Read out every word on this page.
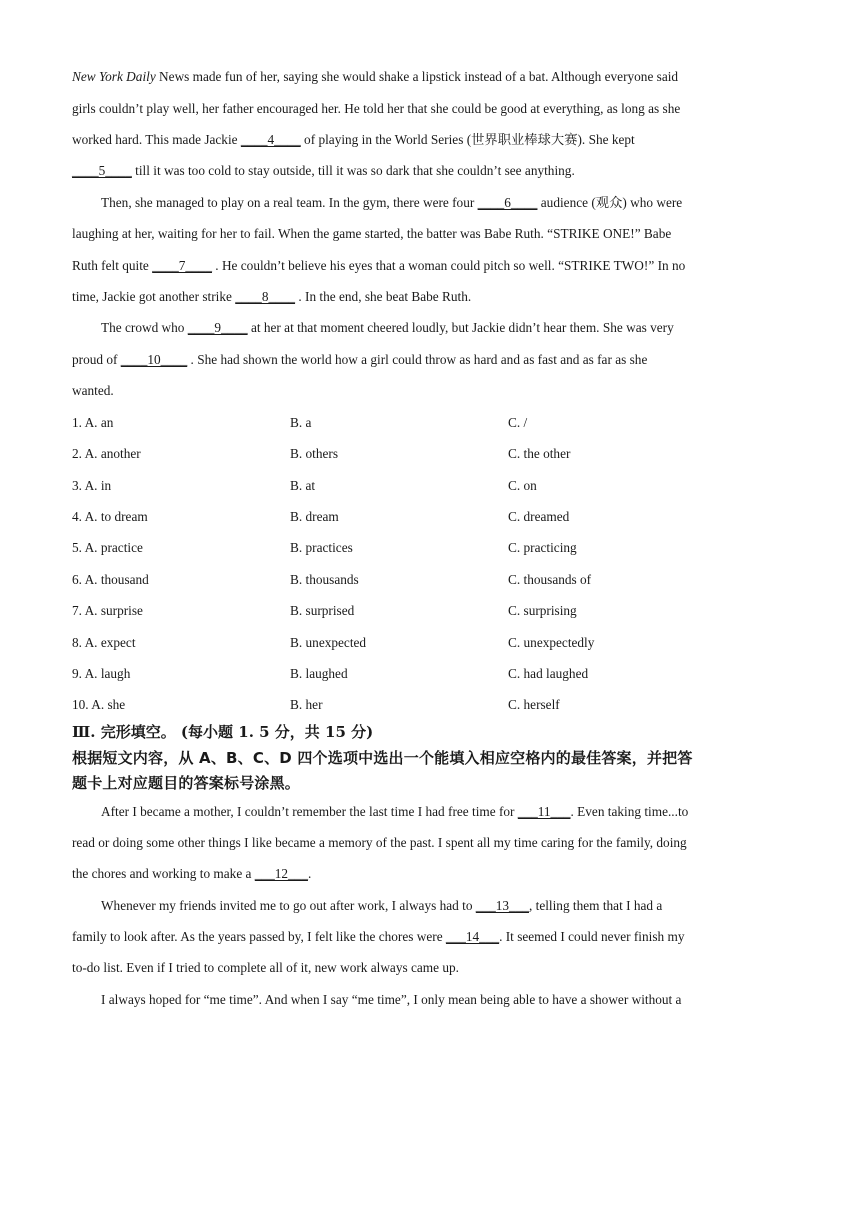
New York Daily News made fun of her, saying she would shake a lipstick instead of a bat. Although everyone said
girls couldn’t play well, her father encouraged her. He told her that she could be good at everything, as long as she
worked hard. This made Jackie ____4____ of playing in the World Series (世界职业棒球大赛). She kept
____5____ till it was too cold to stay outside, till it was so dark that she couldn’t see anything.
Then, she managed to play on a real team. In the gym, there were four ____6____ audience (观众) who were
laughing at her, waiting for her to fail. When the game started, the batter was Babe Ruth. “STRIKE ONE!” Babe
Ruth felt quite ____7____ . He couldn’t believe his eyes that a woman could pitch so well. “STRIKE TWO!” In no
time, Jackie got another strike ____8____ . In the end, she beat Babe Ruth.
The crowd who ____9____ at her at that moment cheered loudly, but Jackie didn’t hear them. She was very
proud of ____10____ . She had shown the world how a girl could throw as hard and as fast and as far as she
wanted.
1. A. an	B. a	C. /
2. A. another	B. others	C. the other
3. A. in	B. at	C. on
4. A. to dream	B. dream	C. dreamed
5. A. practice	B. practices	C. practicing
6. A. thousand	B. thousands	C. thousands of
7. A. surprise	B. surprised	C. surprising
8. A. expect	B. unexpected	C. unexpectedly
9. A. laugh	B. laughed	C. had laughed
10. A. she	B. her	C. herself
Ⅲ. 完形填空。 (每小题 1. 5 分，共 15 分)
根据短文内容，从 A、B、C、D 四个选项中选出一个能填入相应空格内的最佳答案，并把答
题卡上对应题目的答案标号涂黑。
After I became a mother, I couldn’t remember the last time I had free time for ___11___. Even taking time...to
read or doing some other things I like became a memory of the past. I spent all my time caring for the family, doing
the chores and working to make a ___12___.
Whenever my friends invited me to go out after work, I always had to ___13___, telling them that I had a
family to look after. As the years passed by, I felt like the chores were ___14___. It seemed I could never finish my
to-do list. Even if I tried to complete all of it, new work always came up.
I always hoped for “me time”. And when I say “me time”, I only mean being able to have a shower without a
